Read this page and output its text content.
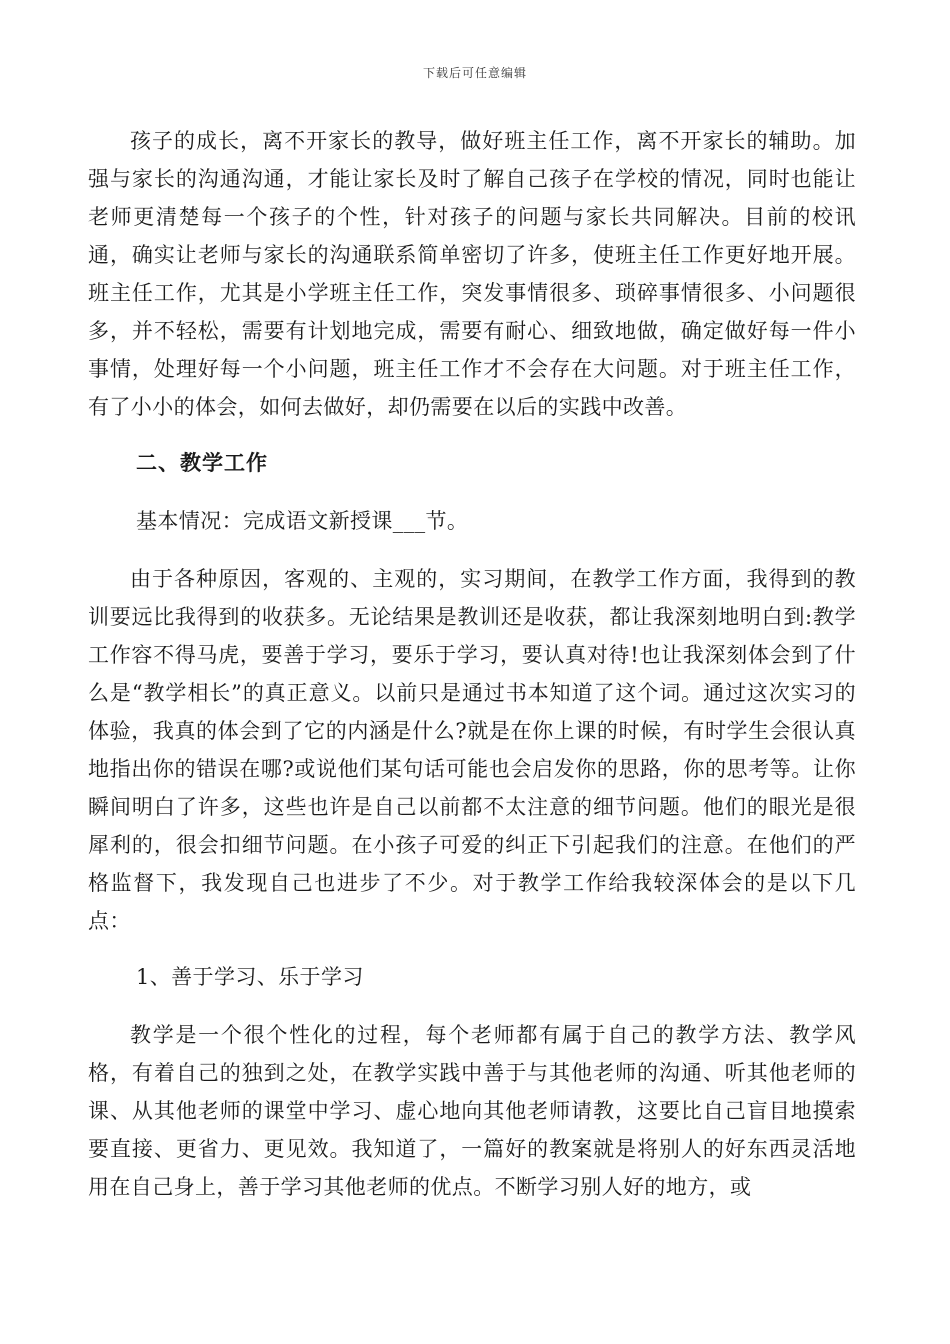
下载后可任意编辑

孩子的成长，离不开家长的教导，做好班主任工作，离不开家长的辅助。加强与家长的沟通沟通，才能让家长及时了解自己孩子在学校的情况，同时也能让老师更清楚每一个孩子的个性，针对孩子的问题与家长共同解决。目前的校讯通，确实让老师与家长的沟通联系简单密切了许多，使班主任工作更好地开展。班主任工作，尤其是小学班主任工作，突发事情很多、琐碎事情很多、小问题很多，并不轻松，需要有计划地完成，需要有耐心、细致地做，确定做好每一件小事情，处理好每一个小问题，班主任工作才不会存在大问题。对于班主任工作，有了小小的体会，如何去做好，却仍需要在以后的实践中改善。

二、教学工作

基本情况：完成语文新授课___节。

由于各种原因，客观的、主观的，实习期间，在教学工作方面，我得到的教训要远比我得到的收获多。无论结果是教训还是收获，都让我深刻地明白到:教学工作容不得马虎，要善于学习，要乐于学习，要认真对待!也让我深刻体会到了什么是“教学相长”的真正意义。以前只是通过书本知道了这个词。通过这次实习的体验，我真的体会到了它的内涵是什么?就是在你上课的时候，有时学生会很认真地指出你的错误在哪?或说他们某句话可能也会启发你的思路，你的思考等。让你瞬间明白了许多，这些也许是自己以前都不太注意的细节问题。他们的眼光是很犀利的，很会扣细节问题。在小孩子可爱的纠正下引起我们的注意。在他们的严格监督下，我发现自己也进步了不少。对于教学工作给我较深体会的是以下几点：

1、善于学习、乐于学习

教学是一个很个性化的过程，每个老师都有属于自己的教学方法、教学风格，有着自己的独到之处，在教学实践中善于与其他老师的沟通、听其他老师的课、从其他老师的课堂中学习、虚心地向其他老师请教，这要比自己盲目地摸索要直接、更省力、更见效。我知道了，一篇好的教案就是将别人的好东西灵活地用在自己身上，善于学习其他老师的优点。不断学习别人好的地方，或
